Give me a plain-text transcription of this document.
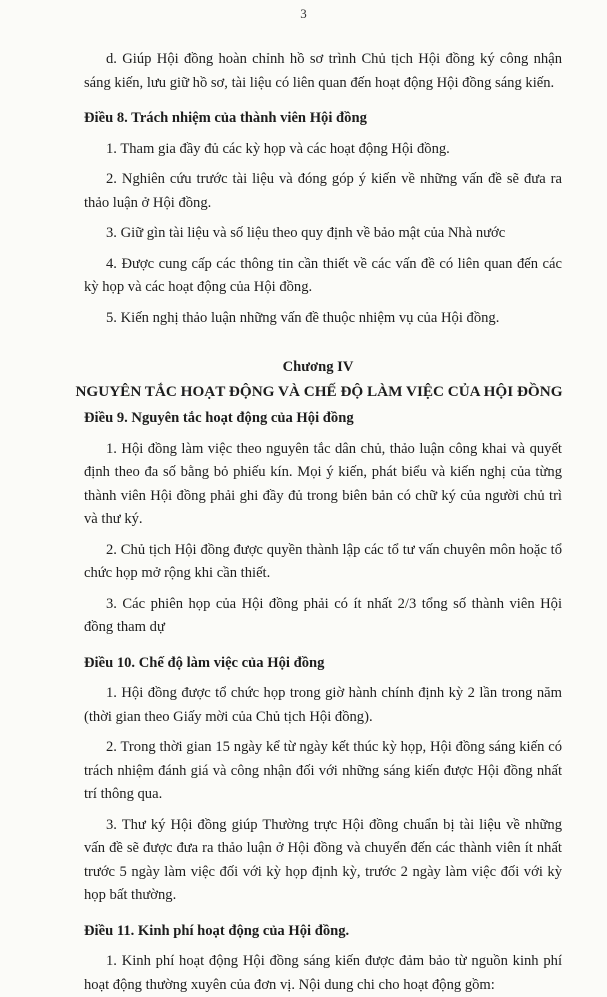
3

d. Giúp Hội đồng hoàn chỉnh hồ sơ trình Chủ tịch Hội đồng ký công nhận sáng kiến, lưu giữ hồ sơ, tài liệu có liên quan đến hoạt động Hội đồng sáng kiến.

Điều 8. Trách nhiệm của thành viên Hội đồng

1. Tham gia đầy đủ các kỳ họp và các hoạt động Hội đồng.

2. Nghiên cứu trước tài liệu và đóng góp ý kiến về những vấn đề sẽ đưa ra thảo luận ở Hội đồng.

3. Giữ gìn tài liệu và số liệu theo quy định về bảo mật của Nhà nước

4. Được cung cấp các thông tin cần thiết về các vấn đề có liên quan đến các kỳ họp và các hoạt động của Hội đồng.

5. Kiến nghị thảo luận những vấn đề thuộc nhiệm vụ của Hội đồng.

Chương IV

NGUYÊN TẮC HOẠT ĐỘNG VÀ CHẾ ĐỘ LÀM VIỆC CỦA HỘI ĐỒNG

Điều 9. Nguyên tắc hoạt động của Hội đồng

1. Hội đồng làm việc theo nguyên tắc dân chủ, thảo luận công khai và quyết định theo đa số bằng bỏ phiếu kín. Mọi ý kiến, phát biểu và kiến nghị của từng thành viên Hội đồng phải ghi đầy đủ trong biên bản có chữ ký của người chủ trì và thư ký.

2. Chủ tịch Hội đồng được quyền thành lập các tổ tư vấn chuyên môn hoặc tổ chức họp mở rộng khi cần thiết.

3. Các phiên họp của Hội đồng phải có ít nhất 2/3 tổng số thành viên Hội đồng tham dự

Điều 10. Chế độ làm việc của Hội đồng

1. Hội đồng được tổ chức họp trong giờ hành chính định kỳ 2 lần trong năm (thời gian theo Giấy mời của Chủ tịch Hội đồng).

2. Trong thời gian 15 ngày kể từ ngày kết thúc kỳ họp, Hội đồng sáng kiến có trách nhiệm đánh giá và công nhận đối với những sáng kiến được Hội đồng nhất trí thông qua.

3. Thư ký Hội đồng giúp Thường trực Hội đồng chuẩn bị tài liệu về những vấn đề sẽ được đưa ra thảo luận ở Hội đồng và chuyển đến các thành viên ít nhất trước 5 ngày làm việc đối với kỳ họp định kỳ, trước 2 ngày làm việc đối với kỳ họp bất thường.

Điều 11. Kinh phí hoạt động của Hội đồng.

1. Kinh phí hoạt động Hội đồng sáng kiến được đảm bảo từ nguồn kinh phí hoạt động thường xuyên của đơn vị. Nội dung chi cho hoạt động gồm:
